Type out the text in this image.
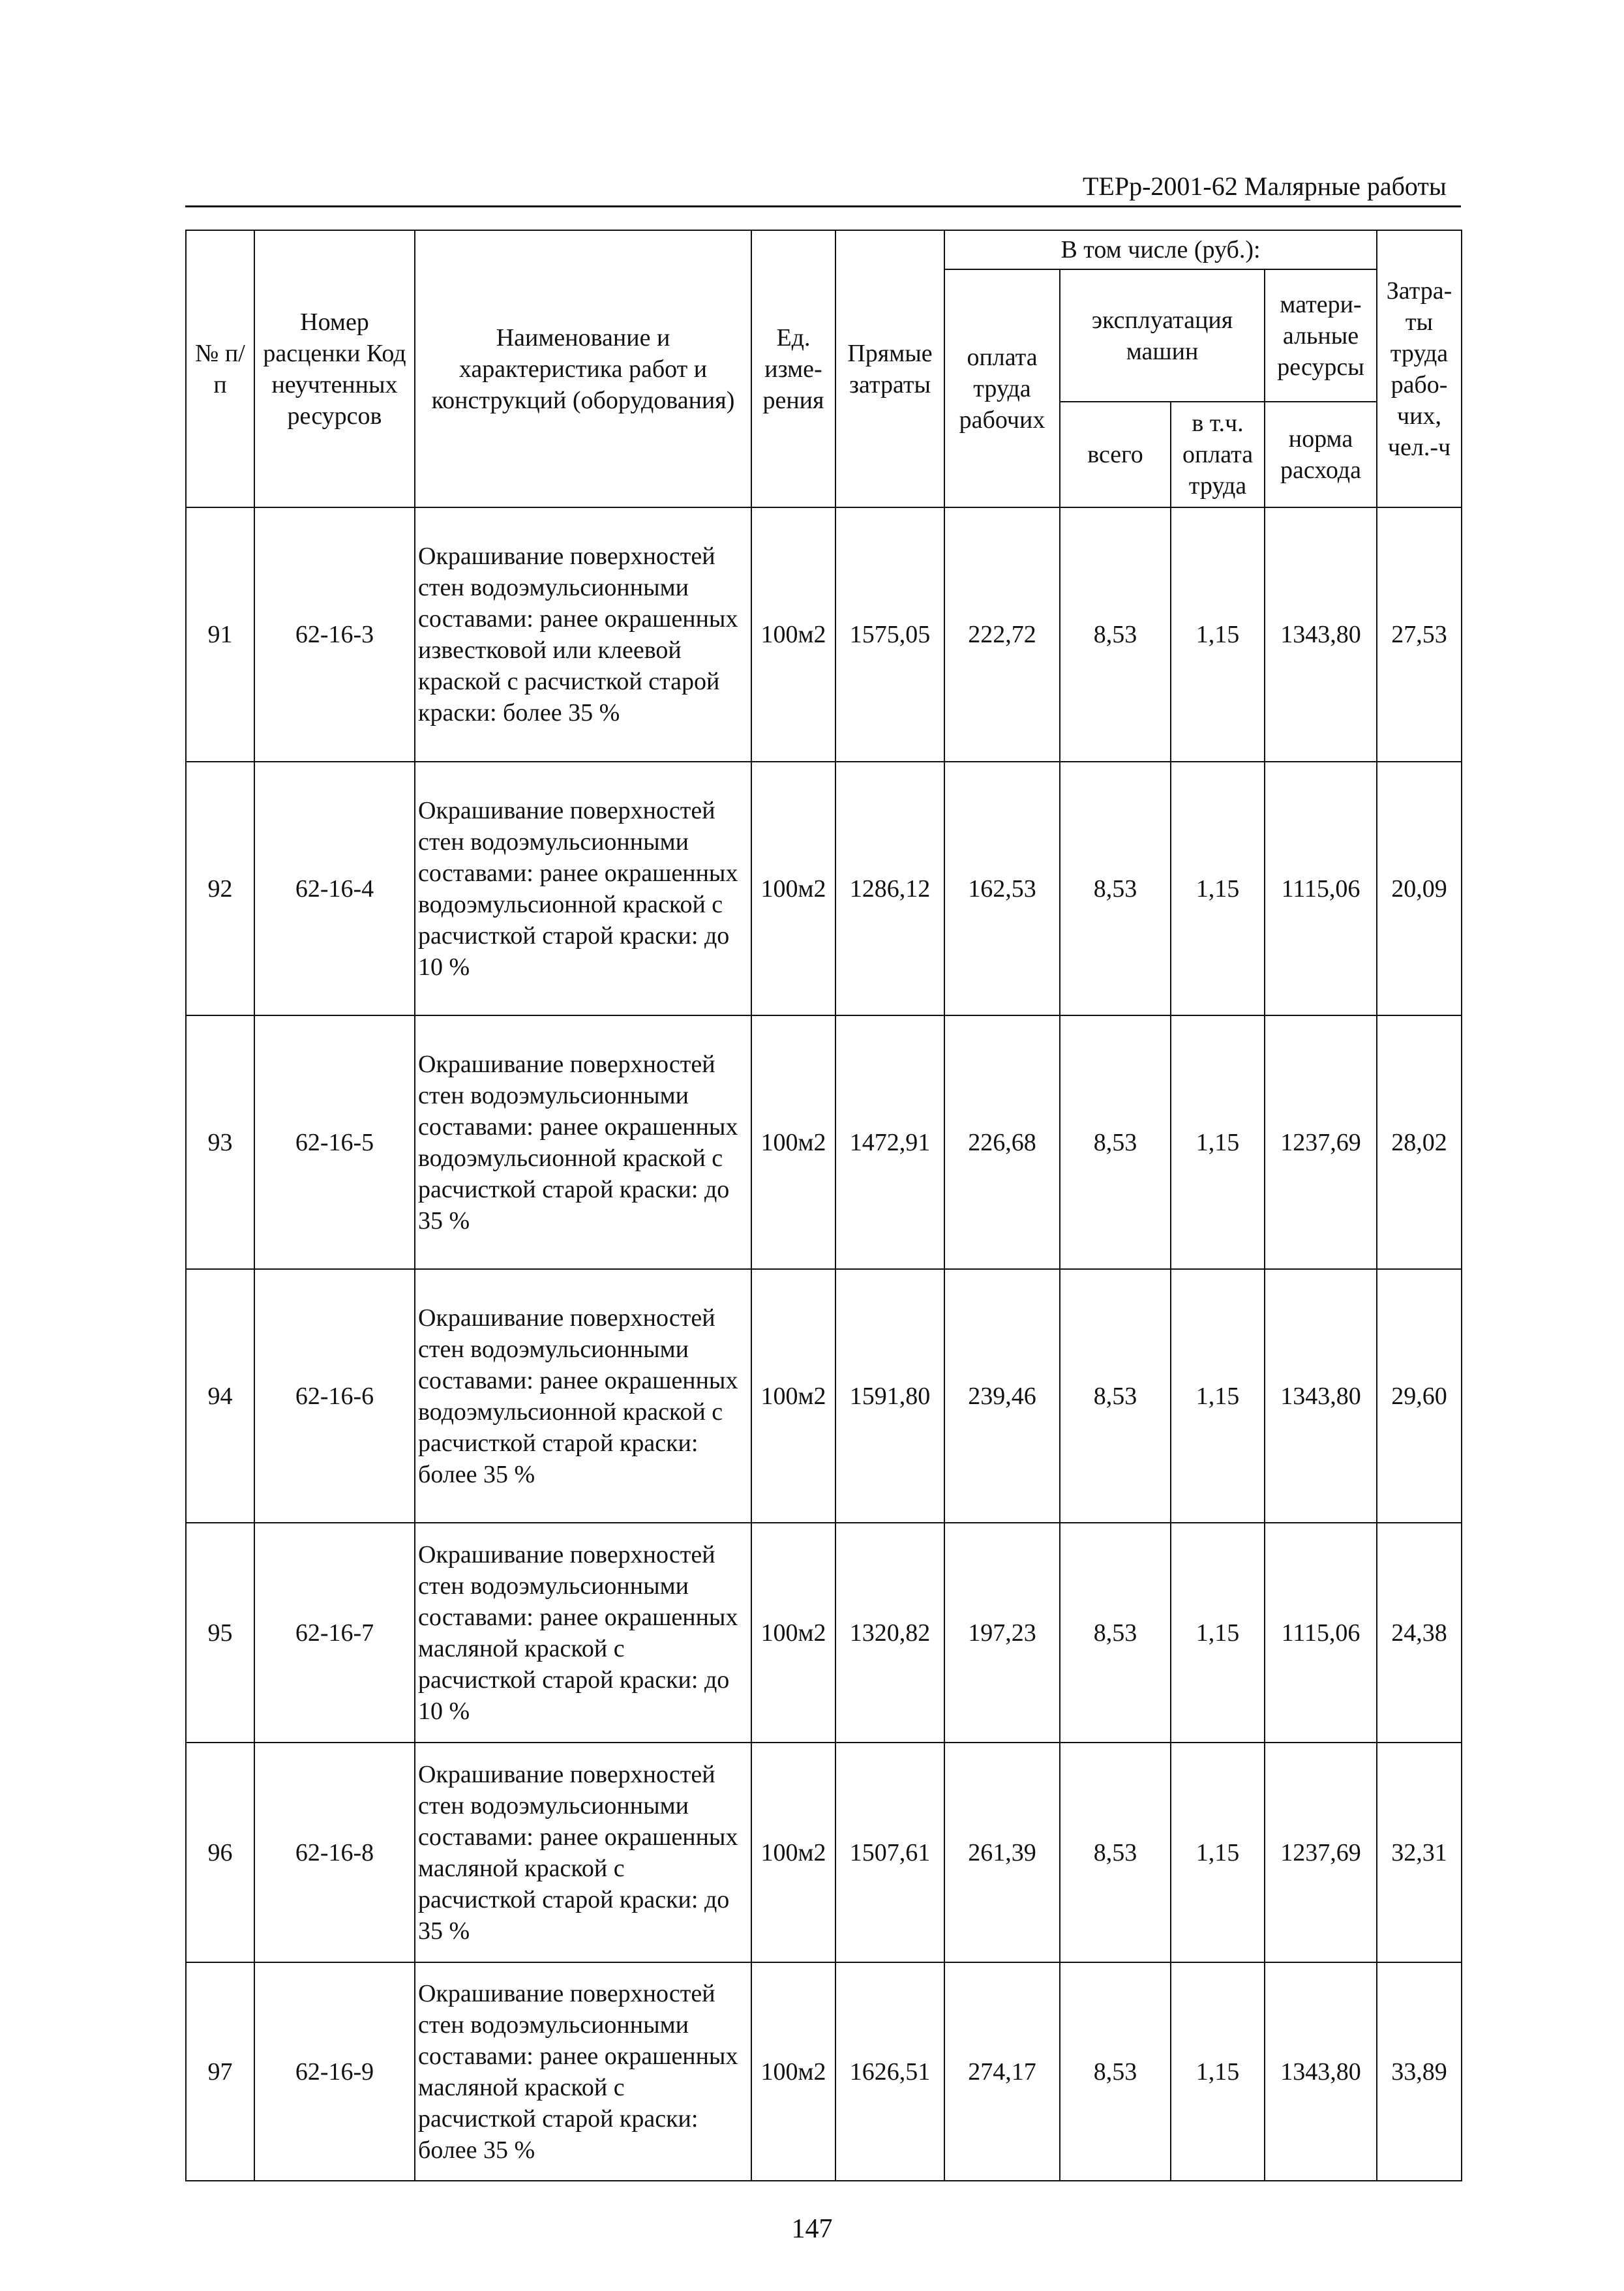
ТЕРр-2001-62 Малярные работы
№ п/п	Номер расценки Код неучтенных ресурсов	Наименование и характеристика работ и конструкций (оборудования)	Ед. изме- рения	Прямые затраты	В том числе (руб.):				Затра- ты труда рабо- чих, чел.-ч
					оплата труда рабочих	эксплуатация машин		матери- альные ресурсы	
						всего	в т.ч. оплата труда	норма расхода	
91	62-16-3	Окрашивание поверхностей стен водоэмульсионными составами: ранее окрашенных известковой или клеевой краской с расчисткой старой краски: более 35 %	100м2	1575,05	222,72	8,53	1,15	1343,80	27,53
92	62-16-4	Окрашивание поверхностей стен водоэмульсионными составами: ранее окрашенных водоэмульсионной краской с расчисткой старой краски: до 10 %	100м2	1286,12	162,53	8,53	1,15	1115,06	20,09
93	62-16-5	Окрашивание поверхностей стен водоэмульсионными составами: ранее окрашенных водоэмульсионной краской с расчисткой старой краски: до 35 %	100м2	1472,91	226,68	8,53	1,15	1237,69	28,02
94	62-16-6	Окрашивание поверхностей стен водоэмульсионными составами: ранее окрашенных водоэмульсионной краской с расчисткой старой краски: более 35 %	100м2	1591,80	239,46	8,53	1,15	1343,80	29,60
95	62-16-7	Окрашивание поверхностей стен водоэмульсионными составами: ранее окрашенных масляной краской с расчисткой старой краски: до 10 %	100м2	1320,82	197,23	8,53	1,15	1115,06	24,38
96	62-16-8	Окрашивание поверхностей стен водоэмульсионными составами: ранее окрашенных масляной краской с расчисткой старой краски: до 35 %	100м2	1507,61	261,39	8,53	1,15	1237,69	32,31
97	62-16-9	Окрашивание поверхностей стен водоэмульсионными составами: ранее окрашенных масляной краской с расчисткой старой краски: более 35 %	100м2	1626,51	274,17	8,53	1,15	1343,80	33,89
147
